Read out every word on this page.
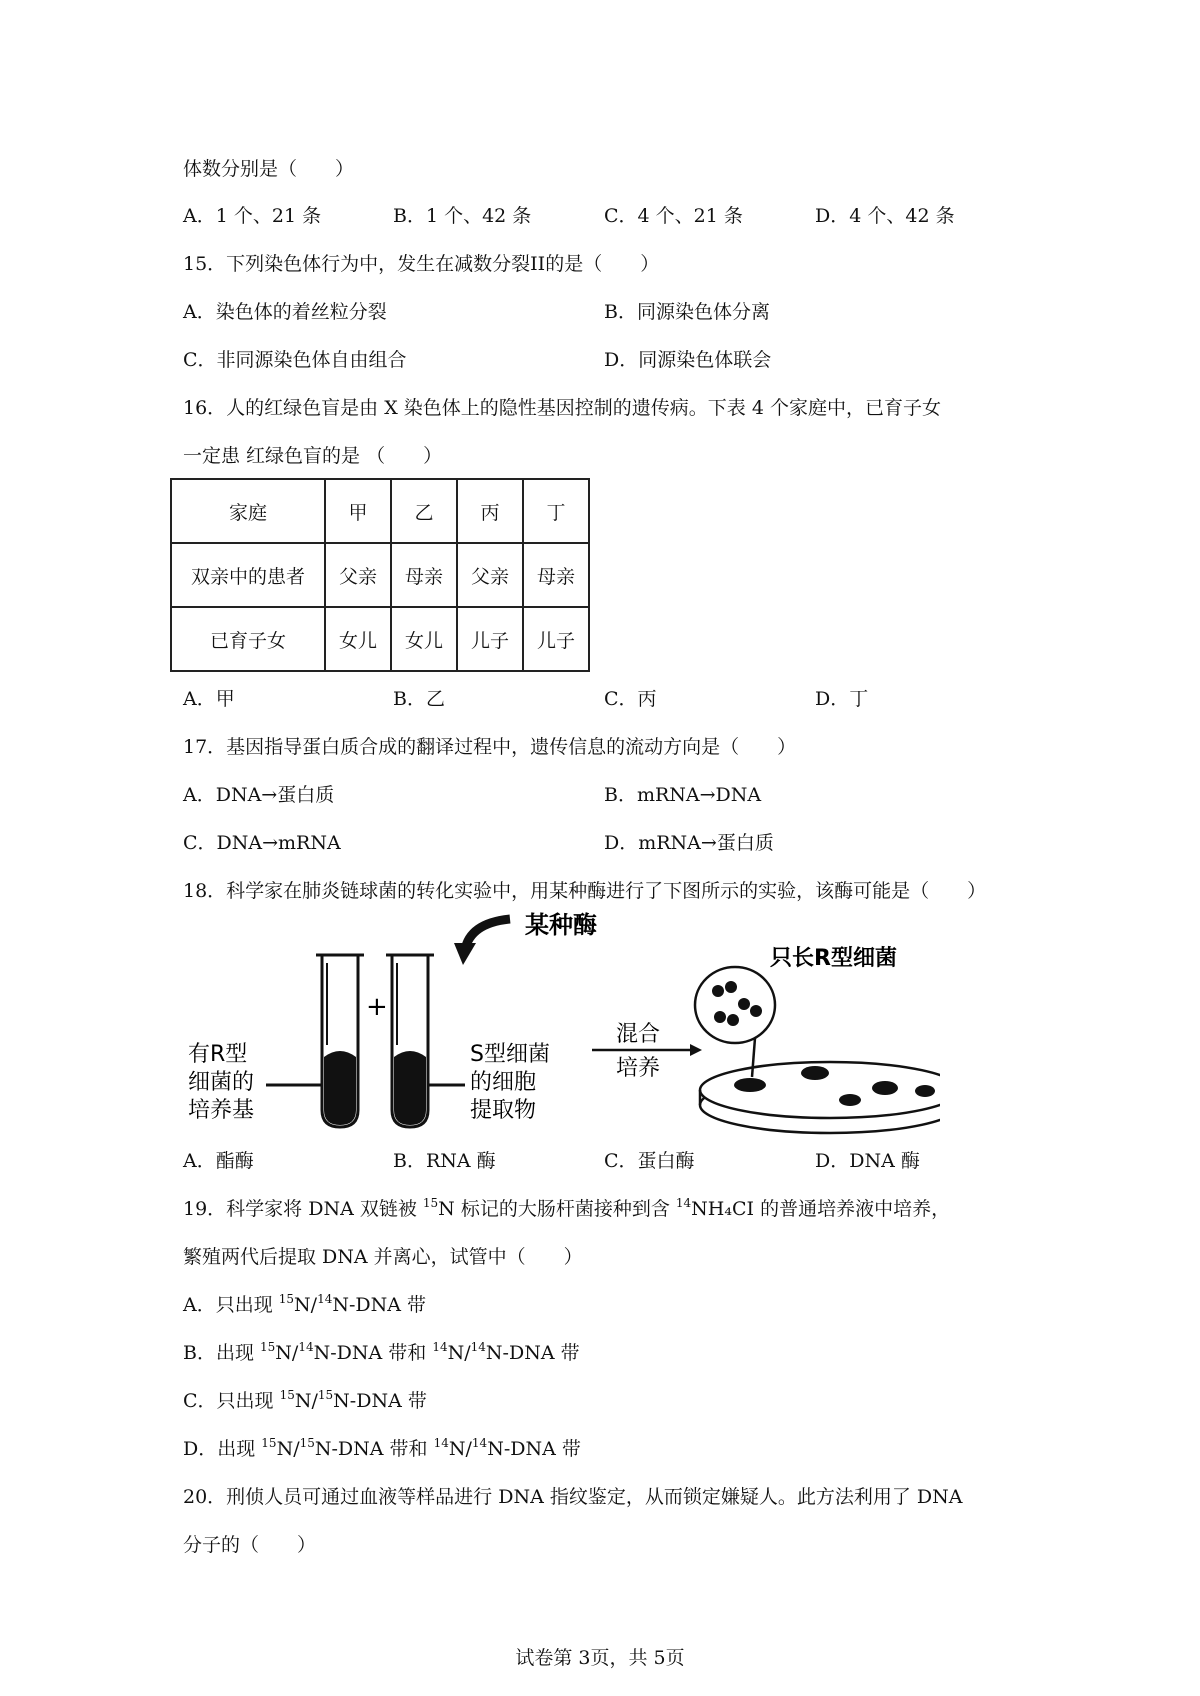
体数分别是（　　）
A．1 个、21 条	B．1 个、42 条	C．4 个、21 条	D．4 个、42 条
15．下列染色体行为中，发生在减数分裂II的是（　　）
A．染色体的着丝粒分裂	B．同源染色体分离
C．非同源染色体自由组合	D．同源染色体联会
16．人的红绿色盲是由 X 染色体上的隐性基因控制的遗传病。下表 4 个家庭中，已育子女
一定患 红绿色盲的是 （　　）
家庭	甲	乙	丙	丁
双亲中的患者	父亲	母亲	父亲	母亲
已育子女	女儿	女儿	儿子	儿子
A．甲	B．乙	C．丙	D．丁
17．基因指导蛋白质合成的翻译过程中，遗传信息的流动方向是（　　）
A．DNA→蛋白质	B．mRNA→DNA
C．DNA→mRNA	D．mRNA→蛋白质
18．科学家在肺炎链球菌的转化实验中，用某种酶进行了下图所示的实验，该酶可能是（　　）
某种酶
+
有R型
细菌的
培养基
S型细菌
的细胞
提取物
混合
培养
只长R型细菌
A．酯酶	B．RNA 酶	C．蛋白酶	D．DNA 酶
19．科学家将 DNA 双链被 $^{15}$N 标记的大肠杆菌接种到含 $^{14}$NH₄CI 的普通培养液中培养，
繁殖两代后提取 DNA 并离心，试管中（　　）
A．只出现 $^{15}$N/$^{14}$N-DNA 带
B．出现 $^{15}$N/$^{14}$N-DNA 带和 $^{14}$N/$^{14}$N-DNA 带
C．只出现 $^{15}$N/$^{15}$N-DNA 带
D．出现 $^{15}$N/$^{15}$N-DNA 带和 $^{14}$N/$^{14}$N-DNA 带
20．刑侦人员可通过血液等样品进行 DNA 指纹鉴定，从而锁定嫌疑人。此方法利用了 DNA
分子的（　　）
试卷第 3页，共 5页
